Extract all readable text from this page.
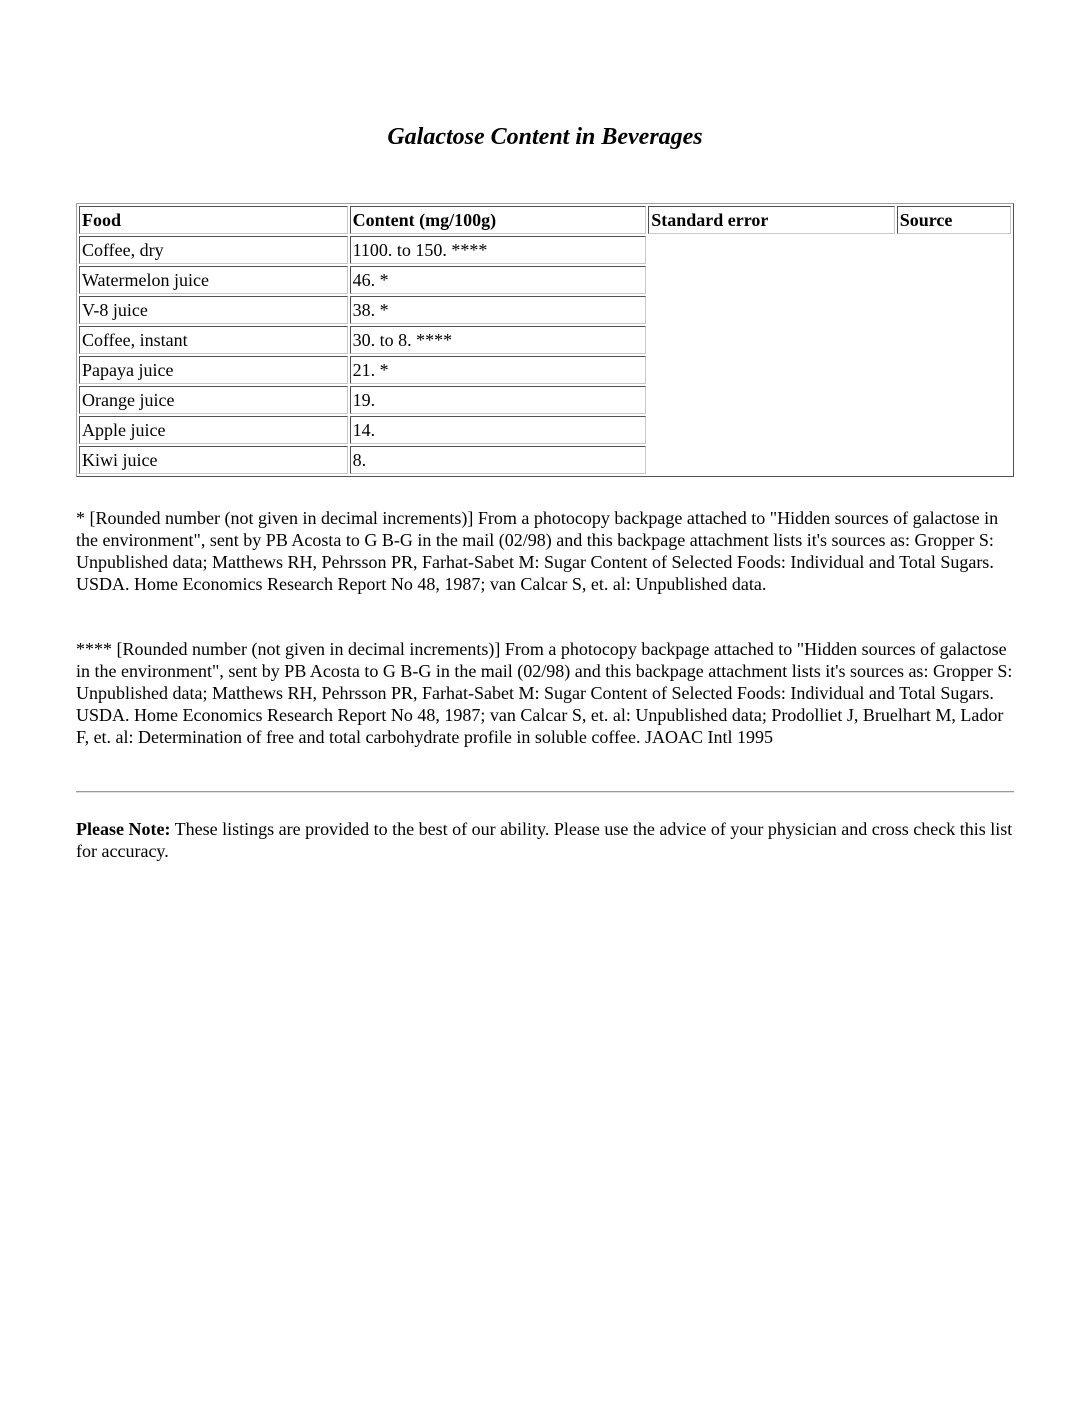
Galactose Content in Beverages
Food	Content (mg/100g)	Standard error	Source
Coffee, dry	1100. to 150. ****		
Watermelon juice	46. *		
V-8 juice	38. *		
Coffee, instant	30. to 8. ****		
Papaya juice	21. *		
Orange juice	19.		
Apple juice	14.		
Kiwi juice	8.		

* [Rounded number (not given in decimal increments)] From a photocopy backpage attached to "Hidden sources of galactose in the environment", sent by PB Acosta to G B-G in the mail (02/98) and this backpage attachment lists it's sources as: Gropper S: Unpublished data; Matthews RH, Pehrsson PR, Farhat-Sabet M: Sugar Content of Selected Foods: Individual and Total Sugars. USDA. Home Economics Research Report No 48, 1987; van Calcar S, et. al: Unpublished data.

**** [Rounded number (not given in decimal increments)] From a photocopy backpage attached to "Hidden sources of galactose in the environment", sent by PB Acosta to G B-G in the mail (02/98) and this backpage attachment lists it's sources as: Gropper S: Unpublished data; Matthews RH, Pehrsson PR, Farhat-Sabet M: Sugar Content of Selected Foods: Individual and Total Sugars. USDA. Home Economics Research Report No 48, 1987; van Calcar S, et. al: Unpublished data; Prodolliet J, Bruelhart M, Lador F, et. al: Determination of free and total carbohydrate profile in soluble coffee. JAOAC Intl 1995

Please Note: These listings are provided to the best of our ability. Please use the advice of your physician and cross check this list for accuracy.
